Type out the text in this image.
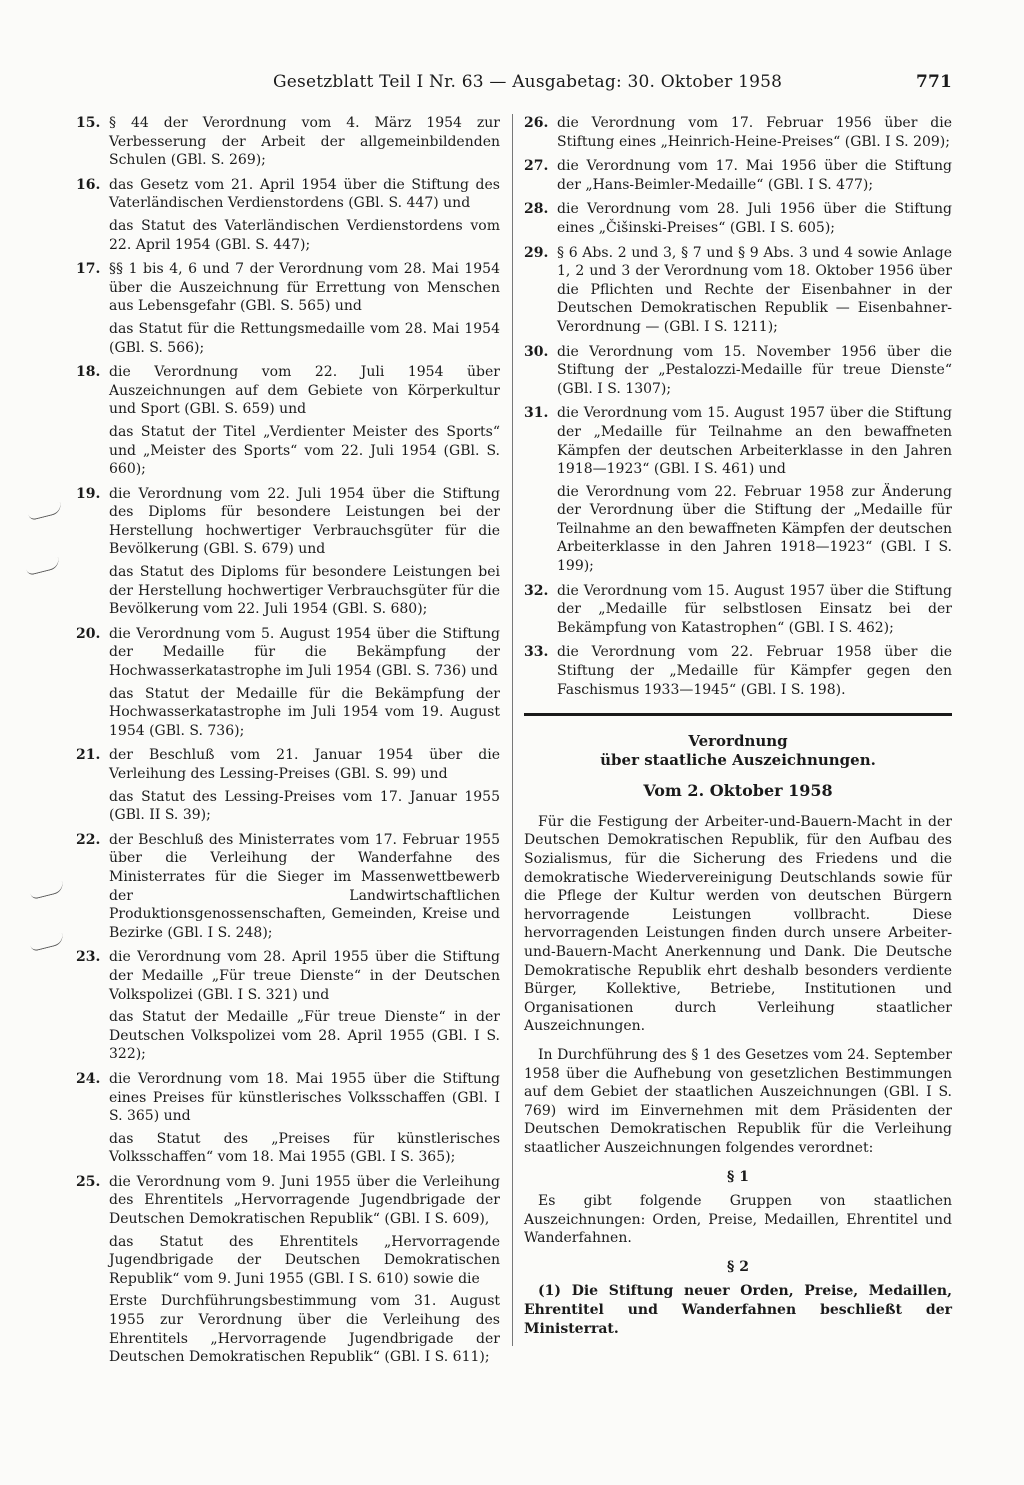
Gesetzblatt Teil I Nr. 63 — Ausgabetag: 30. Oktober 1958	771
15. § 44 der Verordnung vom 4. März 1954 zur Verbesserung der Arbeit der allgemeinbildenden Schulen (GBl. S. 269);

16. das Gesetz vom 21. April 1954 über die Stiftung des Vaterländischen Verdienstordens (GBl. S. 447) und

das Statut des Vaterländischen Verdienstordens vom 22. April 1954 (GBl. S. 447);

17. §§ 1 bis 4, 6 und 7 der Verordnung vom 28. Mai 1954 über die Auszeichnung für Errettung von Menschen aus Lebensgefahr (GBl. S. 565) und

das Statut für die Rettungsmedaille vom 28. Mai 1954 (GBl. S. 566);

18. die Verordnung vom 22. Juli 1954 über Auszeichnungen auf dem Gebiete von Körperkultur und Sport (GBl. S. 659) und

das Statut der Titel „Verdienter Meister des Sports“ und „Meister des Sports“ vom 22. Juli 1954 (GBl. S. 660);

19. die Verordnung vom 22. Juli 1954 über die Stiftung des Diploms für besondere Leistungen bei der Herstellung hochwertiger Verbrauchsgüter für die Bevölkerung (GBl. S. 679) und

das Statut des Diploms für besondere Leistungen bei der Herstellung hochwertiger Verbrauchsgüter für die Bevölkerung vom 22. Juli 1954 (GBl. S. 680);

20. die Verordnung vom 5. August 1954 über die Stiftung der Medaille für die Bekämpfung der Hochwasserkatastrophe im Juli 1954 (GBl. S. 736) und

das Statut der Medaille für die Bekämpfung der Hochwasserkatastrophe im Juli 1954 vom 19. August 1954 (GBl. S. 736);

21. der Beschluß vom 21. Januar 1954 über die Verleihung des Lessing-Preises (GBl. S. 99) und

das Statut des Lessing-Preises vom 17. Januar 1955 (GBl. II S. 39);

22. der Beschluß des Ministerrates vom 17. Februar 1955 über die Verleihung der Wanderfahne des Ministerrates für die Sieger im Massenwettbewerb der Landwirtschaftlichen Produktionsgenossenschaften, Gemeinden, Kreise und Bezirke (GBl. I S. 248);

23. die Verordnung vom 28. April 1955 über die Stiftung der Medaille „Für treue Dienste“ in der Deutschen Volkspolizei (GBl. I S. 321) und

das Statut der Medaille „Für treue Dienste“ in der Deutschen Volkspolizei vom 28. April 1955 (GBl. I S. 322);

24. die Verordnung vom 18. Mai 1955 über die Stiftung eines Preises für künstlerisches Volksschaffen (GBl. I S. 365) und

das Statut des „Preises für künstlerisches Volksschaffen“ vom 18. Mai 1955 (GBl. I S. 365);

25. die Verordnung vom 9. Juni 1955 über die Verleihung des Ehrentitels „Hervorragende Jugendbrigade der Deutschen Demokratischen Republik“ (GBl. I S. 609),

das Statut des Ehrentitels „Hervorragende Jugendbrigade der Deutschen Demokratischen Republik“ vom 9. Juni 1955 (GBl. I S. 610) sowie die

Erste Durchführungsbestimmung vom 31. August 1955 zur Verordnung über die Verleihung des Ehrentitels „Hervorragende Jugendbrigade der Deutschen Demokratischen Republik“ (GBl. I S. 611);

26. die Verordnung vom 17. Februar 1956 über die Stiftung eines „Heinrich-Heine-Preises“ (GBl. I S. 209);

27. die Verordnung vom 17. Mai 1956 über die Stiftung der „Hans-Beimler-Medaille“ (GBl. I S. 477);

28. die Verordnung vom 28. Juli 1956 über die Stiftung eines „Čišinski-Preises“ (GBl. I S. 605);

29. § 6 Abs. 2 und 3, § 7 und § 9 Abs. 3 und 4 sowie Anlage 1, 2 und 3 der Verordnung vom 18. Oktober 1956 über die Pflichten und Rechte der Eisenbahner in der Deutschen Demokratischen Republik — Eisenbahner-Verordnung — (GBl. I S. 1211);

30. die Verordnung vom 15. November 1956 über die Stiftung der „Pestalozzi-Medaille für treue Dienste“ (GBl. I S. 1307);

31. die Verordnung vom 15. August 1957 über die Stiftung der „Medaille für Teilnahme an den bewaffneten Kämpfen der deutschen Arbeiterklasse in den Jahren 1918—1923“ (GBl. I S. 461) und

die Verordnung vom 22. Februar 1958 zur Änderung der Verordnung über die Stiftung der „Medaille für Teilnahme an den bewaffneten Kämpfen der deutschen Arbeiterklasse in den Jahren 1918—1923“ (GBl. I S. 199);

32. die Verordnung vom 15. August 1957 über die Stiftung der „Medaille für selbstlosen Einsatz bei der Bekämpfung von Katastrophen“ (GBl. I S. 462);

33. die Verordnung vom 22. Februar 1958 über die Stiftung der „Medaille für Kämpfer gegen den Faschismus 1933—1945“ (GBl. I S. 198).

Verordnung
über staatliche Auszeichnungen.
Vom 2. Oktober 1958

Für die Festigung der Arbeiter-und-Bauern-Macht in der Deutschen Demokratischen Republik, für den Aufbau des Sozialismus, für die Sicherung des Friedens und die demokratische Wiedervereinigung Deutschlands sowie für die Pflege der Kultur werden von deutschen Bürgern hervorragende Leistungen vollbracht. Diese hervorragenden Leistungen finden durch unsere Arbeiter-und-Bauern-Macht Anerkennung und Dank. Die Deutsche Demokratische Republik ehrt deshalb besonders verdiente Bürger, Kollektive, Betriebe, Institutionen und Organisationen durch Verleihung staatlicher Auszeichnungen.

In Durchführung des § 1 des Gesetzes vom 24. September 1958 über die Aufhebung von gesetzlichen Bestimmungen auf dem Gebiet der staatlichen Auszeichnungen (GBl. I S. 769) wird im Einvernehmen mit dem Präsidenten der Deutschen Demokratischen Republik für die Verleihung staatlicher Auszeichnungen folgendes verordnet:

§ 1

Es gibt folgende Gruppen von staatlichen Auszeichnungen: Orden, Preise, Medaillen, Ehrentitel und Wanderfahnen.

§ 2

(1) Die Stiftung neuer Orden, Preise, Medaillen, Ehrentitel und Wanderfahnen beschließt der Ministerrat.
